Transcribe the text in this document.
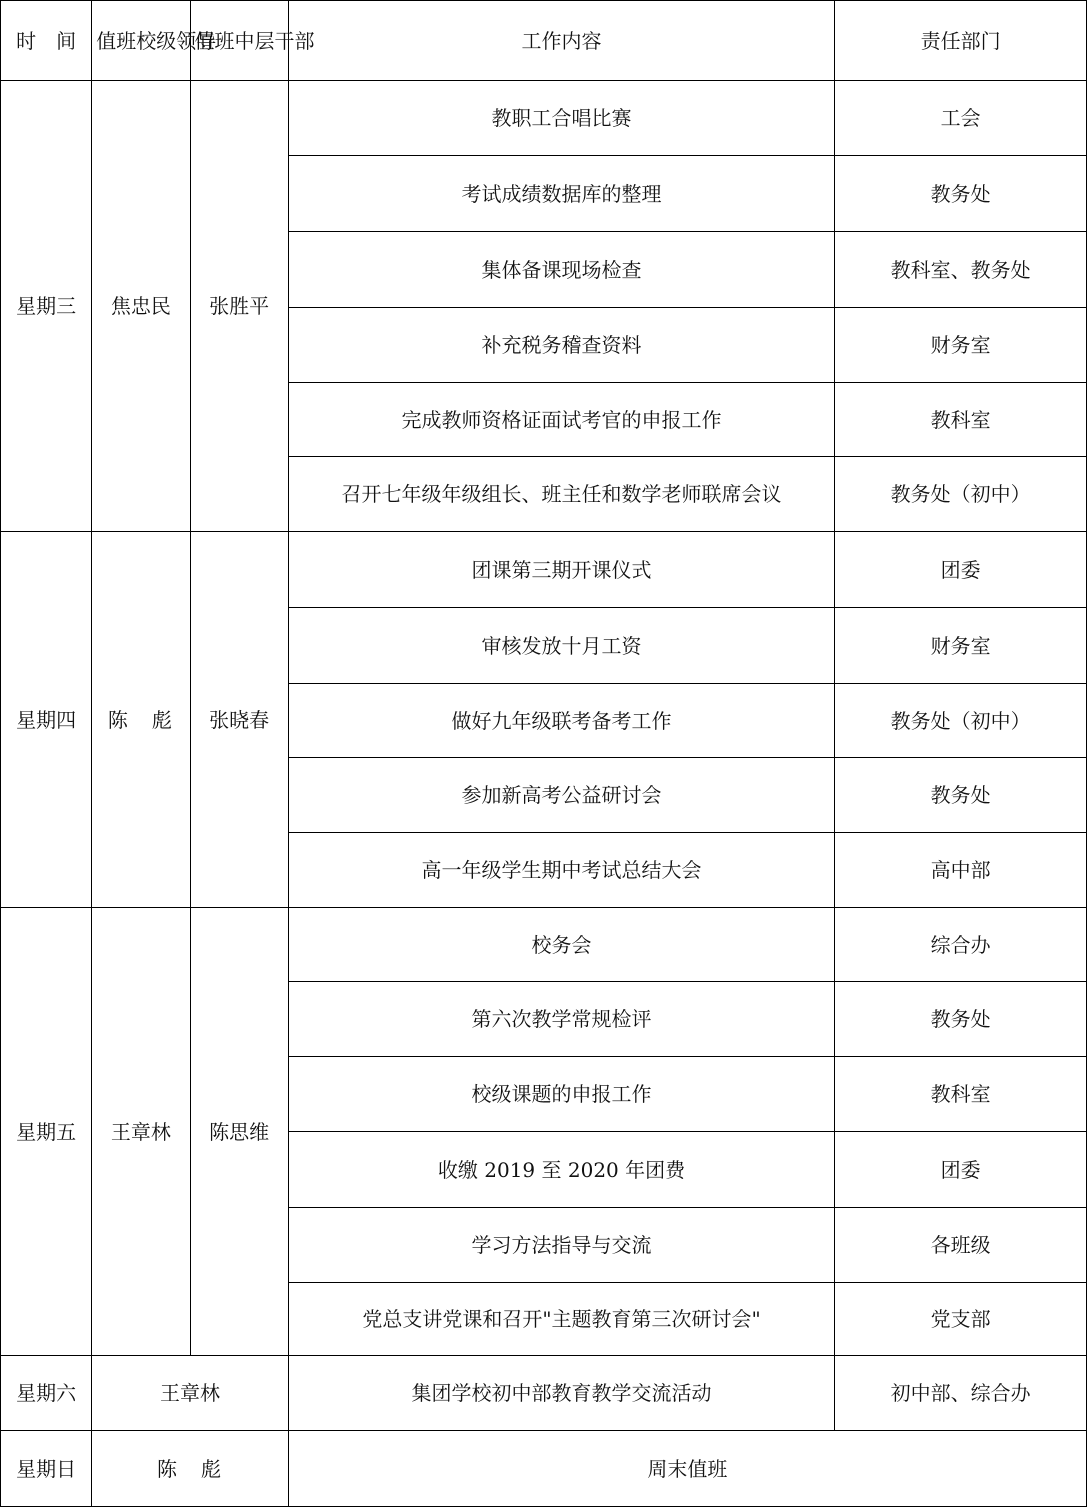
时　间	值班校级领导	值班中层干部	工作内容	责任部门
星期三	焦忠民	张胜平	教职工合唱比赛	工会
			考试成绩数据库的整理	教务处
			集体备课现场检查	教科室、教务处
			补充税务稽查资料	财务室
			完成教师资格证面试考官的申报工作	教科室
			召开七年级年级组长、班主任和数学老师联席会议	教务处（初中）
星期四	陈　彪	张晓春	团课第三期开课仪式	团委
			审核发放十月工资	财务室
			做好九年级联考备考工作	教务处（初中）
			参加新高考公益研讨会	教务处
			高一年级学生期中考试总结大会	高中部
星期五	王章林	陈思维	校务会	综合办
			第六次教学常规检评	教务处
			校级课题的申报工作	教科室
			收缴 2019 至 2020 年团费	团委
			学习方法指导与交流	各班级
			党总支讲党课和召开"主题教育第三次研讨会"	党支部
星期六	王章林		集团学校初中部教育教学交流活动	初中部、综合办
星期日	陈　彪		周末值班	
